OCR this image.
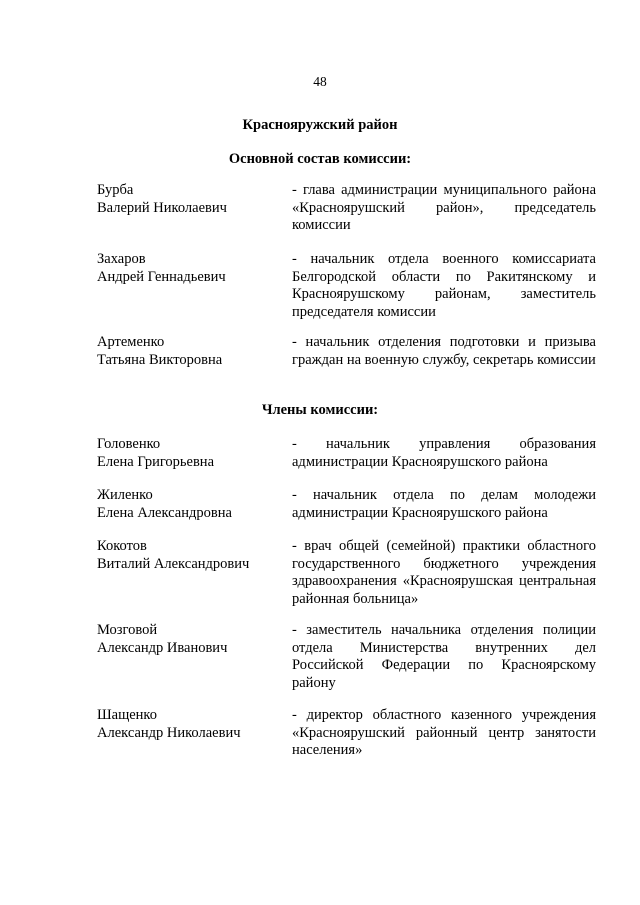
48
Краснояружский район
Основной состав комиссии:
Бурба
Валерий Николаевич
- глава администрации муниципального района «Красноярушский район», председатель комиссии
Захаров
Андрей Геннадьевич
- начальник отдела военного комиссариата Белгородской области по Ракитянскому и Красноярушскому районам, заместитель председателя комиссии
Артеменко
Татьяна Викторовна
- начальник отделения подготовки и призыва граждан на военную службу, секретарь комиссии
Члены комиссии:
Головенко
Елена Григорьевна
- начальник управления образования администрации Красноярушского района
Жиленко
Елена Александровна
- начальник отдела по делам молодежи администрации Красноярушского района
Кокотов
Виталий Александрович
- врач общей (семейной) практики областного государственного бюджетного учреждения здравоохранения «Красноярушская центральная районная больница»
Мозговой
Александр Иванович
- заместитель начальника отделения полиции отдела Министерства внутренних дел Российской Федерации по Красноярскому району
Шащенко
Александр Николаевич
- директор областного казенного учреждения «Красноярушский районный центр занятости населения»
